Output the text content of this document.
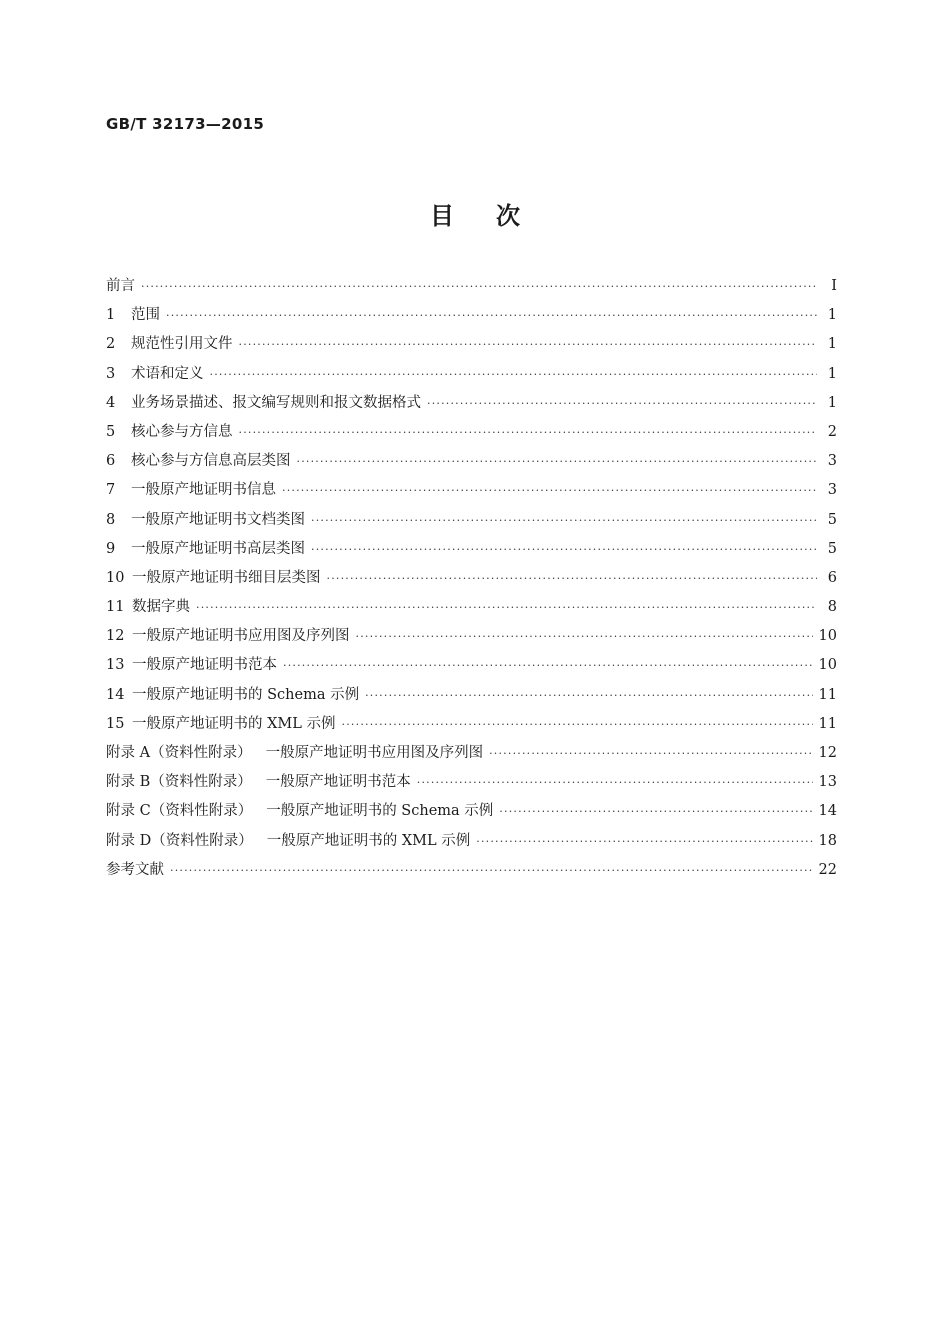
GB/T 32173—2015
目 次
前言 ·····	Ⅰ
1	范围 ·····	1
2	规范性引用文件 ·····	1
3	术语和定义 ·····	1
4	业务场景描述、报文编写规则和报文数据格式 ·····	1
5	核心参与方信息 ·····	2
6	核心参与方信息高层类图 ·····	3
7	一般原产地证明书信息 ·····	3
8	一般原产地证明书文档类图 ·····	5
9	一般原产地证明书高层类图 ·····	5
10 一般原产地证明书细目层类图 ·····	6
11 数据字典 ·····	8
12 一般原产地证明书应用图及序列图 ·····	10
13 一般原产地证明书范本 ·····	10
14 一般原产地证明书的 Schema 示例 ·····	11
15 一般原产地证明书的 XML 示例 ·····	11
附录 A（资料性附录） 一般原产地证明书应用图及序列图 ·····	12
附录 B（资料性附录） 一般原产地证明书范本 ·····	13
附录 C（资料性附录） 一般原产地证明书的 Schema 示例 ·····	14
附录 D（资料性附录） 一般原产地证明书的 XML 示例 ·····	18
参考文献 ·····	22
